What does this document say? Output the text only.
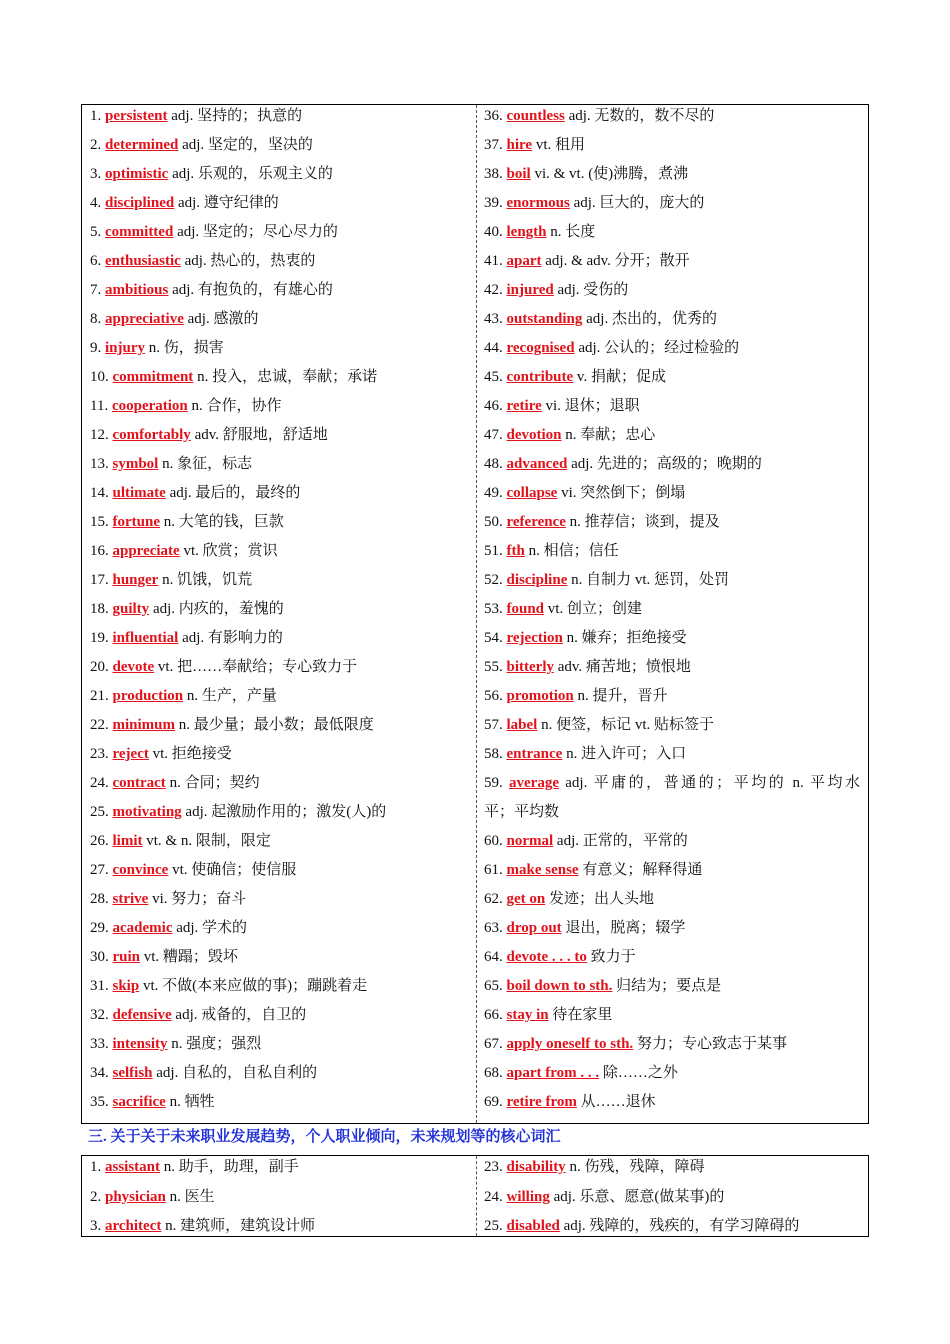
1. persistent adj. 坚持的；执意的
2. determined adj. 坚定的，坚决的
3. optimistic adj. 乐观的，乐观主义的
4. disciplined adj. 遵守纪律的
5. committed adj. 坚定的；尽心尽力的
6. enthusiastic adj. 热心的，热衷的
7. ambitious adj. 有抱负的，有雄心的
8. appreciative adj. 感激的
9. injury n. 伤，损害
10. commitment n. 投入，忠诚，奉献；承诺
11. cooperation n. 合作，协作
12. comfortably adv. 舒服地，舒适地
13. symbol n. 象征，标志
14. ultimate adj. 最后的，最终的
15. fortune n. 大笔的钱，巨款
16. appreciate vt. 欣赏；赏识
17. hunger n. 饥饿，饥荒
18. guilty adj. 内疚的，羞愧的
19. influential adj. 有影响力的
20. devote vt. 把……奉献给；专心致力于
21. production n. 生产，产量
22. minimum n. 最少量；最小数；最低限度
23. reject vt. 拒绝接受
24. contract n. 合同；契约
25. motivating adj. 起激励作用的；激发(人)的
26. limit vt. & n. 限制，限定
27. convince vt. 使确信；使信服
28. strive vi. 努力；奋斗
29. academic adj. 学术的
30. ruin vt. 糟蹋；毁坏
31. skip vt. 不做(本来应做的事)；蹦跳着走
32. defensive adj. 戒备的，自卫的
33. intensity n. 强度；强烈
34. selfish adj. 自私的，自私自利的
35. sacrifice n. 牺牲
36. countless adj. 无数的，数不尽的
37. hire vt. 租用
38. boil vi. & vt. (使)沸腾，煮沸
39. enormous adj. 巨大的，庞大的
40. length n. 长度
41. apart adj. & adv. 分开；散开
42. injured adj. 受伤的
43. outstanding adj. 杰出的，优秀的
44. recognised adj. 公认的；经过检验的
45. contribute v. 捐献；促成
46. retire vi. 退休；退职
47. devotion n. 奉献；忠心
48. advanced adj. 先进的；高级的；晚期的
49. collapse vi. 突然倒下；倒塌
50. reference n. 推荐信；谈到，提及
51. fth n. 相信；信任
52. discipline n. 自制力 vt. 惩罚，处罚
53. found vt. 创立；创建
54. rejection n. 嫌弃；拒绝接受
55. bitterly adv. 痛苦地；愤恨地
56. promotion n. 提升，晋升
57. label n. 便签，标记 vt. 贴标签于
58. entrance n. 进入许可；入口
59. average adj. 平庸的，普通的；平均的 n. 平均水
平；平均数
60. normal adj. 正常的，平常的
61. make sense 有意义；解释得通
62. get on 发迹；出人头地
63. drop out 退出，脱离；辍学
64. devote . . . to 致力于
65. boil down to sth. 归结为；要点是
66. stay in 待在家里
67. apply oneself to sth. 努力；专心致志于某事
68. apart from . . . 除……之外
69. retire from 从……退休
三. 关于关于未来职业发展趋势，个人职业倾向，未来规划等的核心词汇
1. assistant n. 助手，助理，副手
2. physician n. 医生
3. architect n. 建筑师，建筑设计师
23. disability n. 伤残，残障，障碍
24. willing adj. 乐意、愿意(做某事)的
25. disabled adj. 残障的，残疾的，有学习障碍的
